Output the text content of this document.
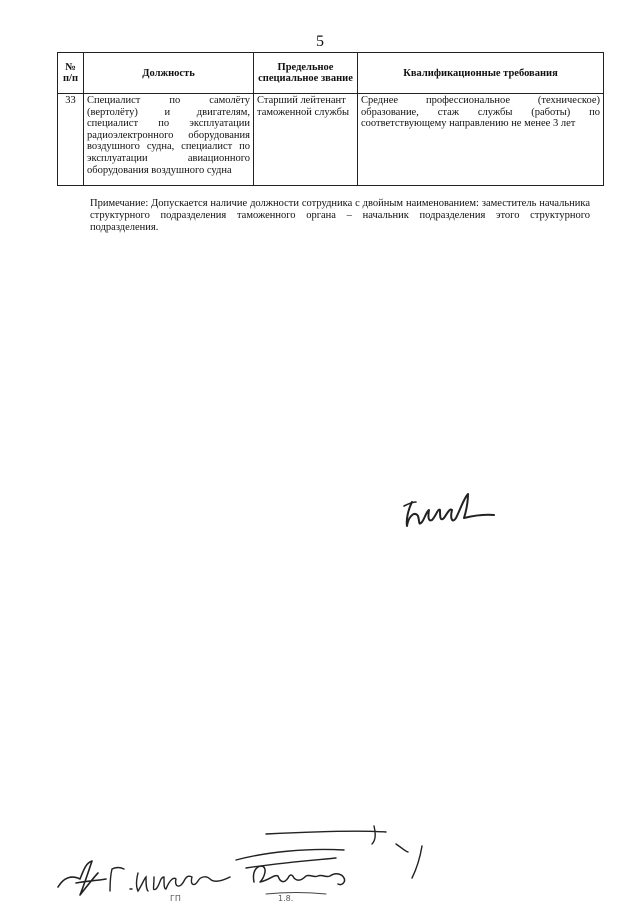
5
№ п/п	Должность	Предельное специальное звание	Квалификационные требования
33	Специалист по самолёту (вертолёту) и двигателям, специалист по эксплуатации радиоэлектронного оборудования воздушного судна, специалист по эксплуатации авиационного оборудования воздушного судна	Старший лейтенант таможенной службы	Среднее профессиональное (техническое) образование, стаж службы (работы) по соответствующему направлению не менее 3 лет
Примечание: Допускается наличие должности сотрудника с двойным наименованием: заместитель начальника структурного подразделения таможенного органа – начальник подразделения этого структурного подразделения.
ГП	1.8.
